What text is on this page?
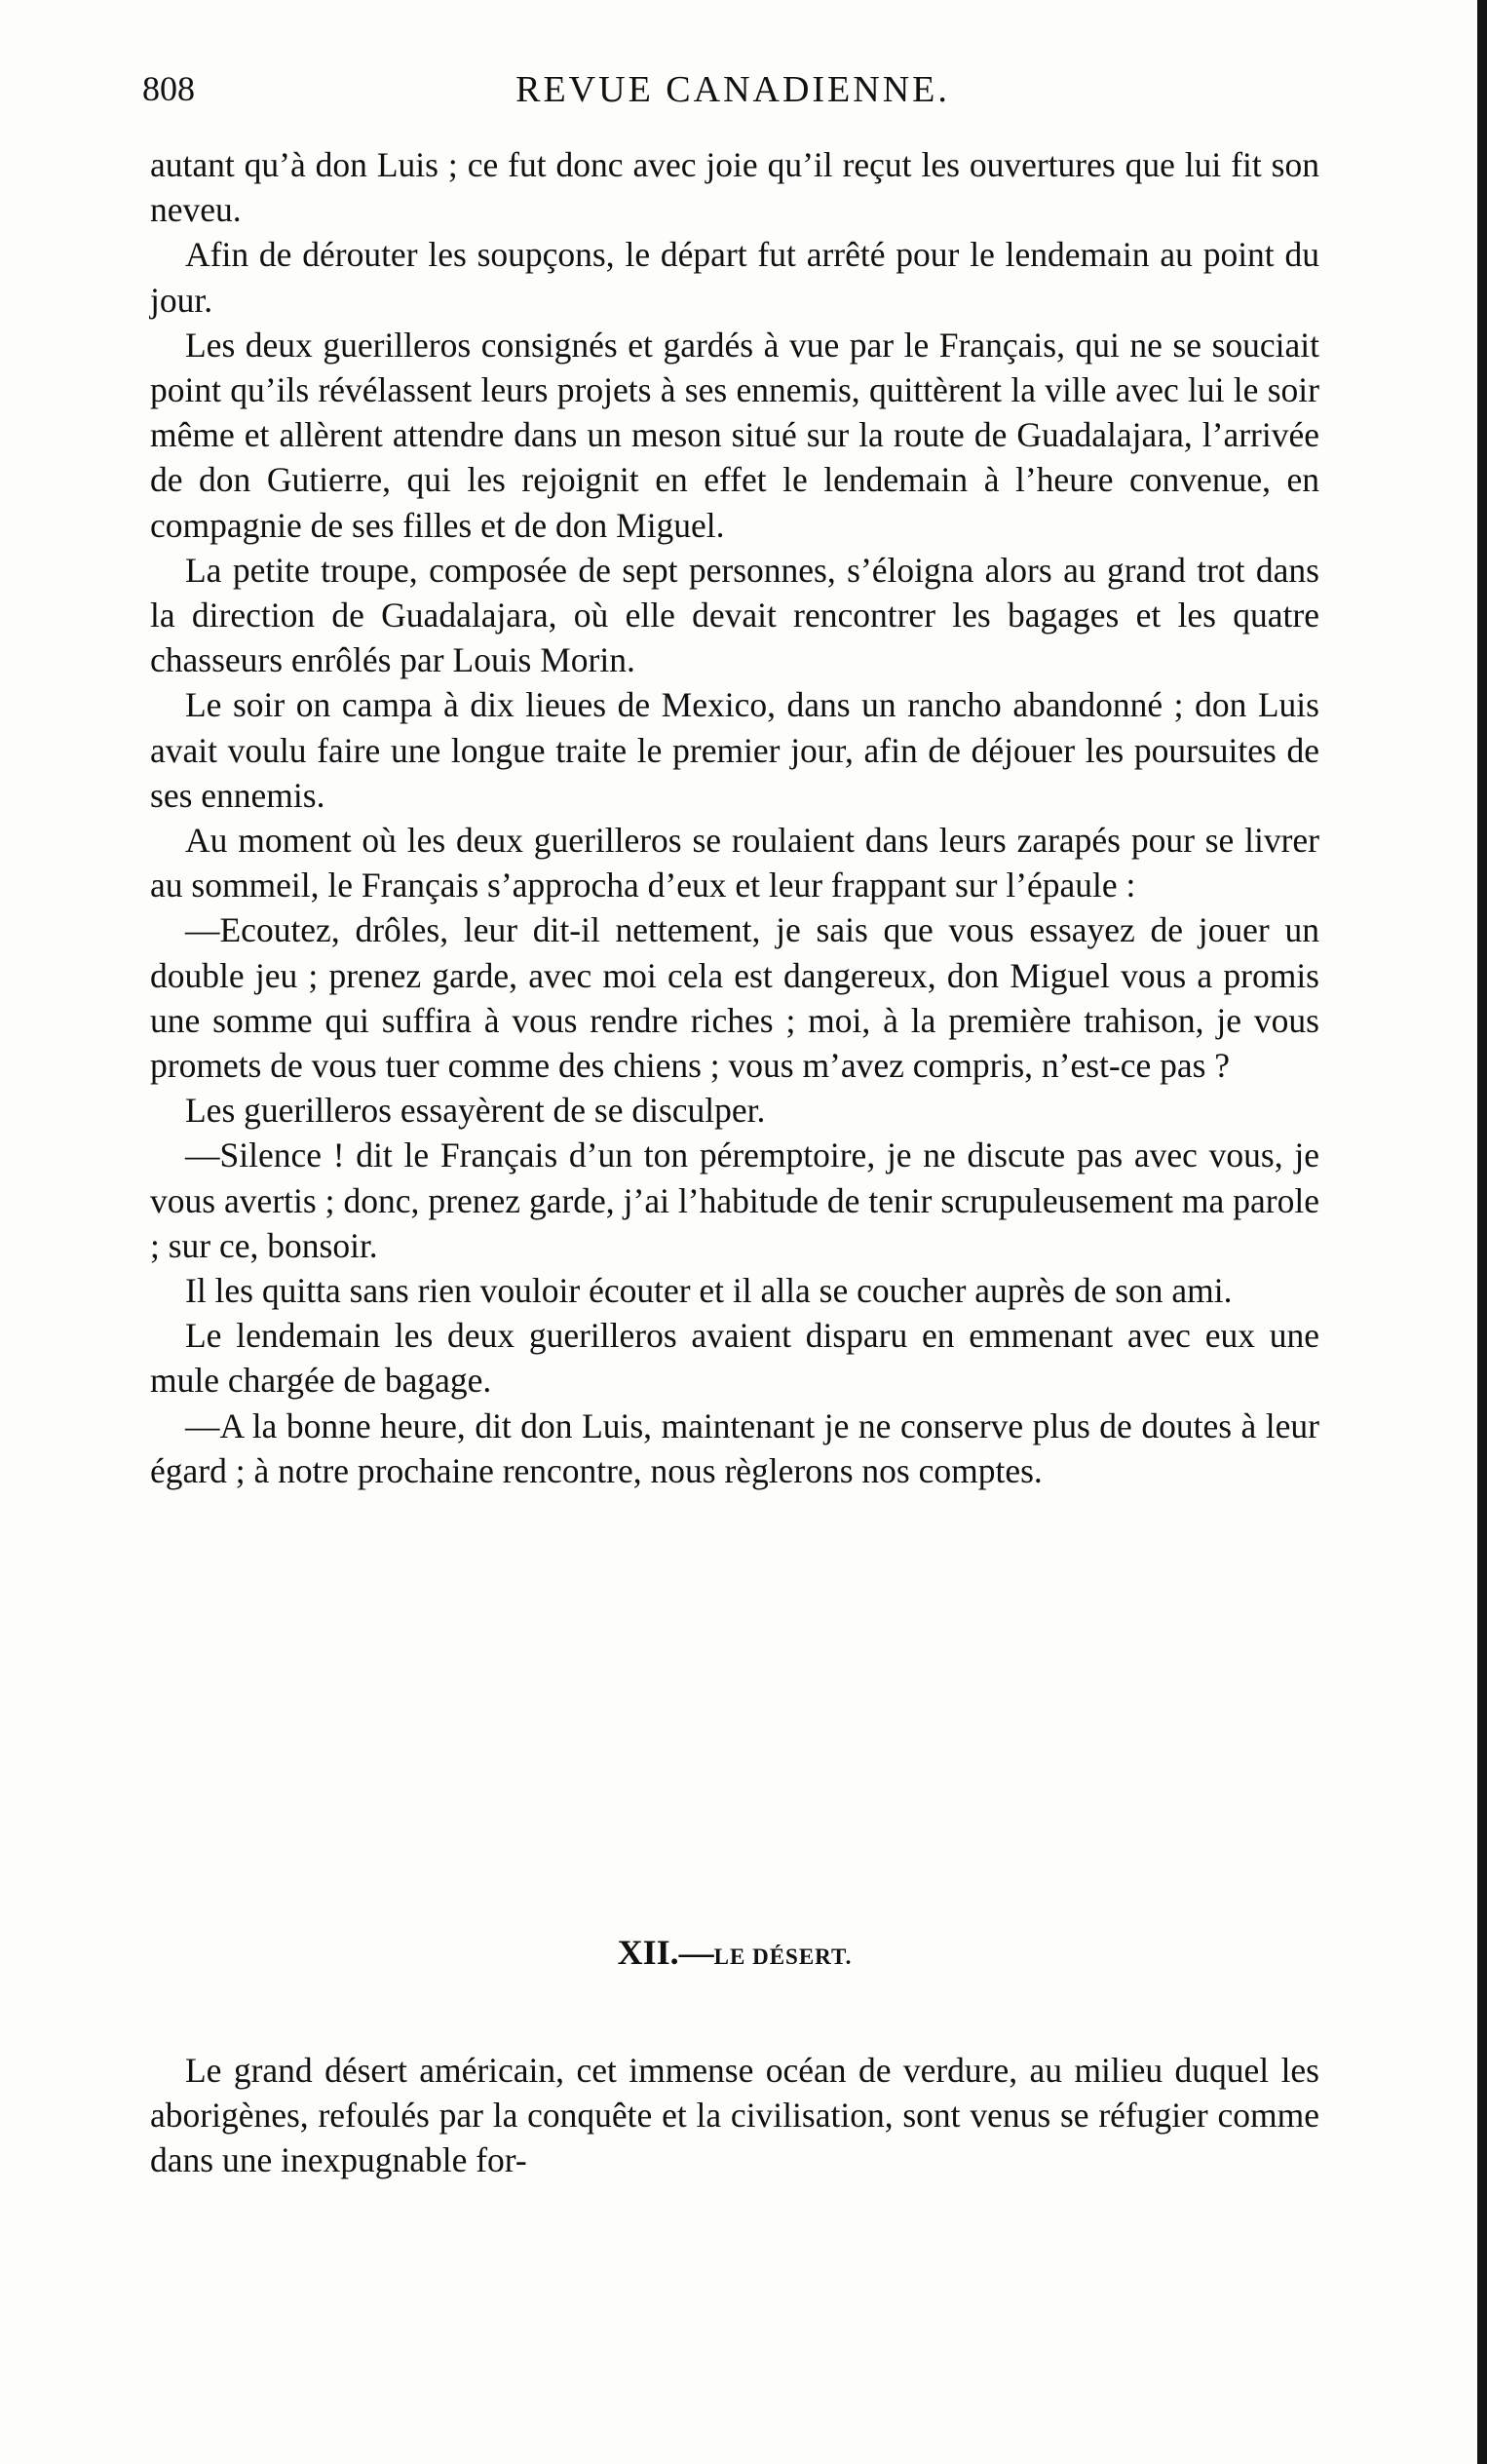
808	REVUE CANADIENNE.

autant qu’à don Luis ; ce fut donc avec joie qu’il reçut les ouvertures que lui fit son neveu.

Afin de dérouter les soupçons, le départ fut arrêté pour le lendemain au point du jour.

Les deux guerilleros consignés et gardés à vue par le Français, qui ne se souciait point qu’ils révélassent leurs projets à ses ennemis, quittèrent la ville avec lui le soir même et allèrent attendre dans un meson situé sur la route de Guadalajara, l’arrivée de don Gutierre, qui les rejoignit en effet le lendemain à l’heure convenue, en compagnie de ses filles et de don Miguel.

La petite troupe, composée de sept personnes, s’éloigna alors au grand trot dans la direction de Guadalajara, où elle devait rencontrer les bagages et les quatre chasseurs enrôlés par Louis Morin.

Le soir on campa à dix lieues de Mexico, dans un rancho abandonné ; don Luis avait voulu faire une longue traite le premier jour, afin de déjouer les poursuites de ses ennemis.

Au moment où les deux guerilleros se roulaient dans leurs zarapés pour se livrer au sommeil, le Français s’approcha d’eux et leur frappant sur l’épaule :

—Ecoutez, drôles, leur dit-il nettement, je sais que vous essayez de jouer un double jeu ; prenez garde, avec moi cela est dangereux, don Miguel vous a promis une somme qui suffira à vous rendre riches ; moi, à la première trahison, je vous promets de vous tuer comme des chiens ; vous m’avez compris, n’est-ce pas ?

Les guerilleros essayèrent de se disculper.

—Silence ! dit le Français d’un ton péremptoire, je ne discute pas avec vous, je vous avertis ; donc, prenez garde, j’ai l’habitude de tenir scrupuleusement ma parole ; sur ce, bonsoir.

Il les quitta sans rien vouloir écouter et il alla se coucher auprès de son ami.

Le lendemain les deux guerilleros avaient disparu en emmenant avec eux une mule chargée de bagage.

—A la bonne heure, dit don Luis, maintenant je ne conserve plus de doutes à leur égard ; à notre prochaine rencontre, nous règlerons nos comptes.

XII.—LE DÉSERT.

Le grand désert américain, cet immense océan de verdure, au milieu duquel les aborigènes, refoulés par la conquête et la civilisation, sont venus se réfugier comme dans une inexpugnable for-
